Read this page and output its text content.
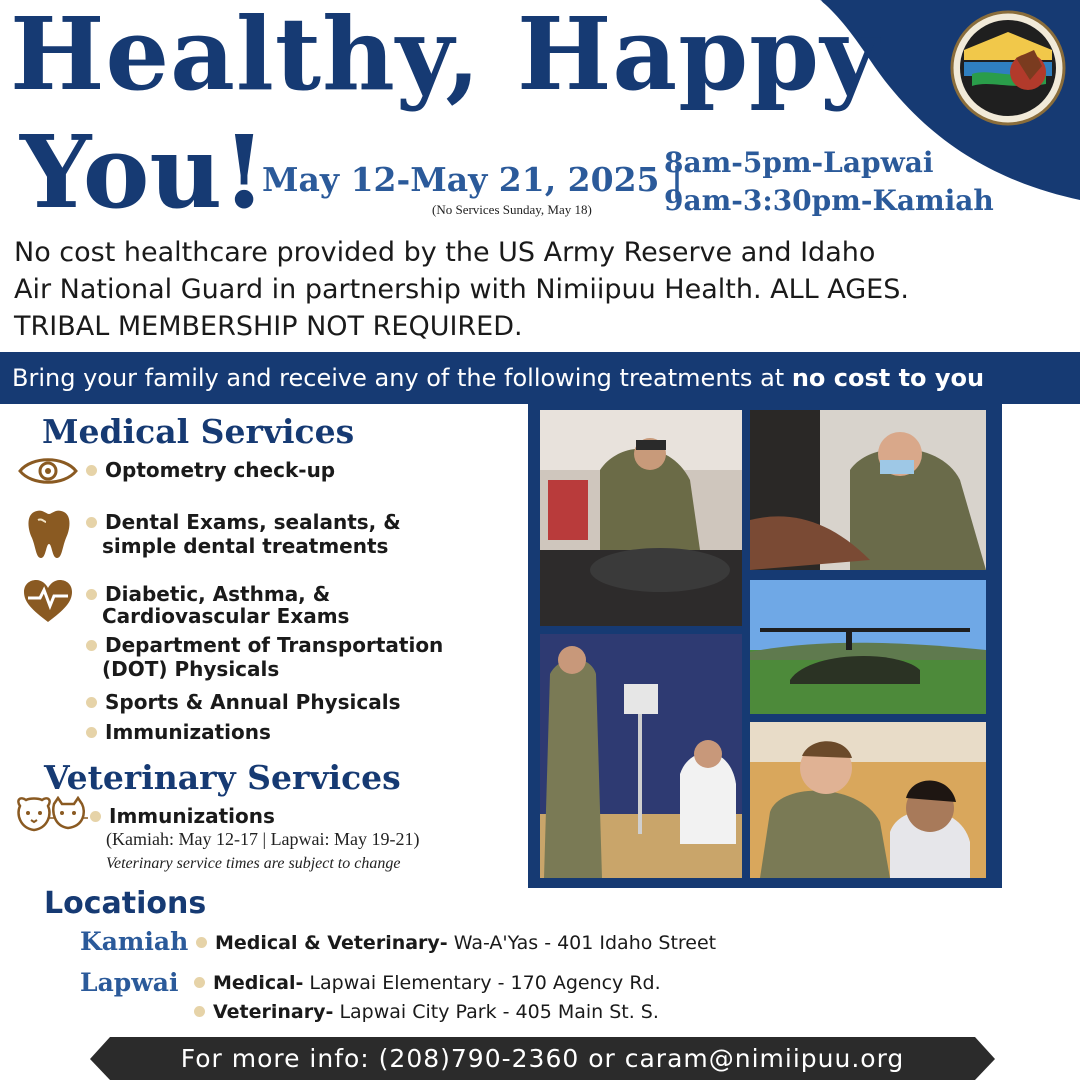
Healthy, Happy
You!
May 12-May 21, 2025 |
(No Services Sunday, May 18)
8am-5pm-Lapwai
9am-3:30pm-Kamiah
No cost healthcare provided by the US Army Reserve and Idaho
Air National Guard in partnership with Nimiipuu Health. ALL AGES.
TRIBAL MEMBERSHIP NOT REQUIRED.
Bring your family and receive any of the following treatments at no cost to you
Medical Services
Optometry check-up
Dental Exams, sealants, &
simple dental treatments
Diabetic, Asthma, &
Cardiovascular Exams
Department of Transportation
(DOT) Physicals
Sports & Annual Physicals
Immunizations
Veterinary Services
Immunizations
(Kamiah: May 12-17 | Lapwai: May 19-21)
Veterinary service times are subject to change
Locations
Kamiah	Medical & Veterinary- Wa-A'Yas - 401 Idaho Street
Lapwai	Medical- Lapwai Elementary - 170 Agency Rd.
Veterinary- Lapwai City Park - 405 Main St. S.
For more info: (208)790-2360 or caram@nimiipuu.org
